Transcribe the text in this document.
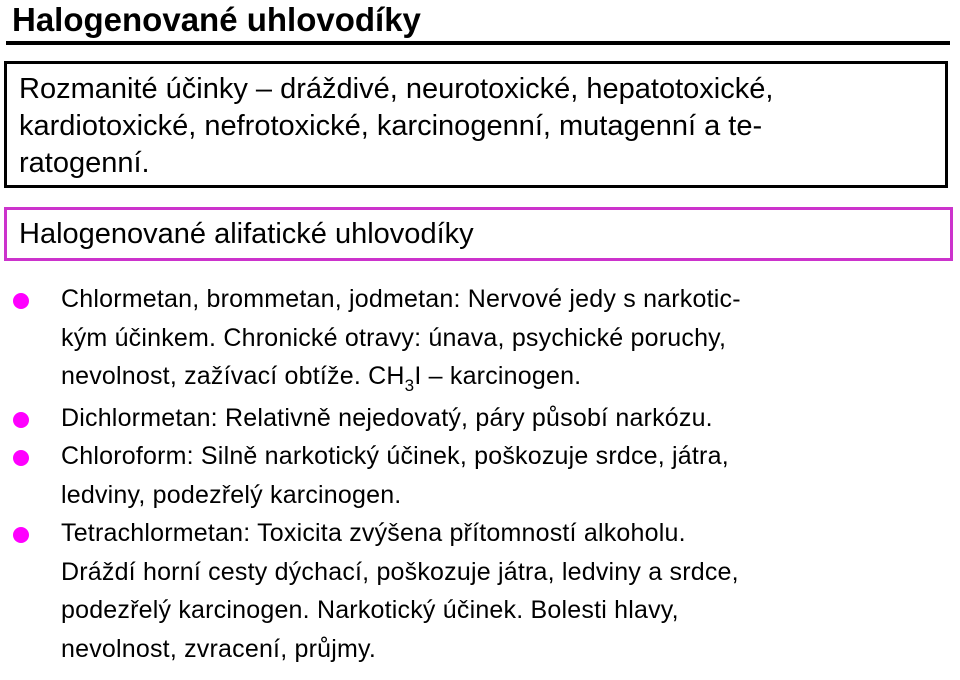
Halogenované uhlovodíky
Rozmanité účinky – dráždivé, neurotoxické, hepatotoxické,
kardiotoxické, nefrotoxické, karcinogenní, mutagenní a te-
ratogenní.
Halogenované alifatické uhlovodíky
Chlormetan, brommetan, jodmetan: Nervové jedy s narkotic-
kým účinkem. Chronické otravy: únava, psychické poruchy,
nevolnost, zažívací obtíže. $CH_3I$ – karcinogen.
Dichlormetan: Relativně nejedovatý, páry působí narkózu.
Chloroform: Silně narkotický účinek, poškozuje srdce, játra,
ledviny, podezřelý karcinogen.
Tetrachlormetan: Toxicita zvýšena přítomností alkoholu.
Dráždí horní cesty dýchací, poškozuje játra, ledviny a srdce,
podezřelý karcinogen. Narkotický účinek. Bolesti hlavy,
nevolnost, zvracení, průjmy.
